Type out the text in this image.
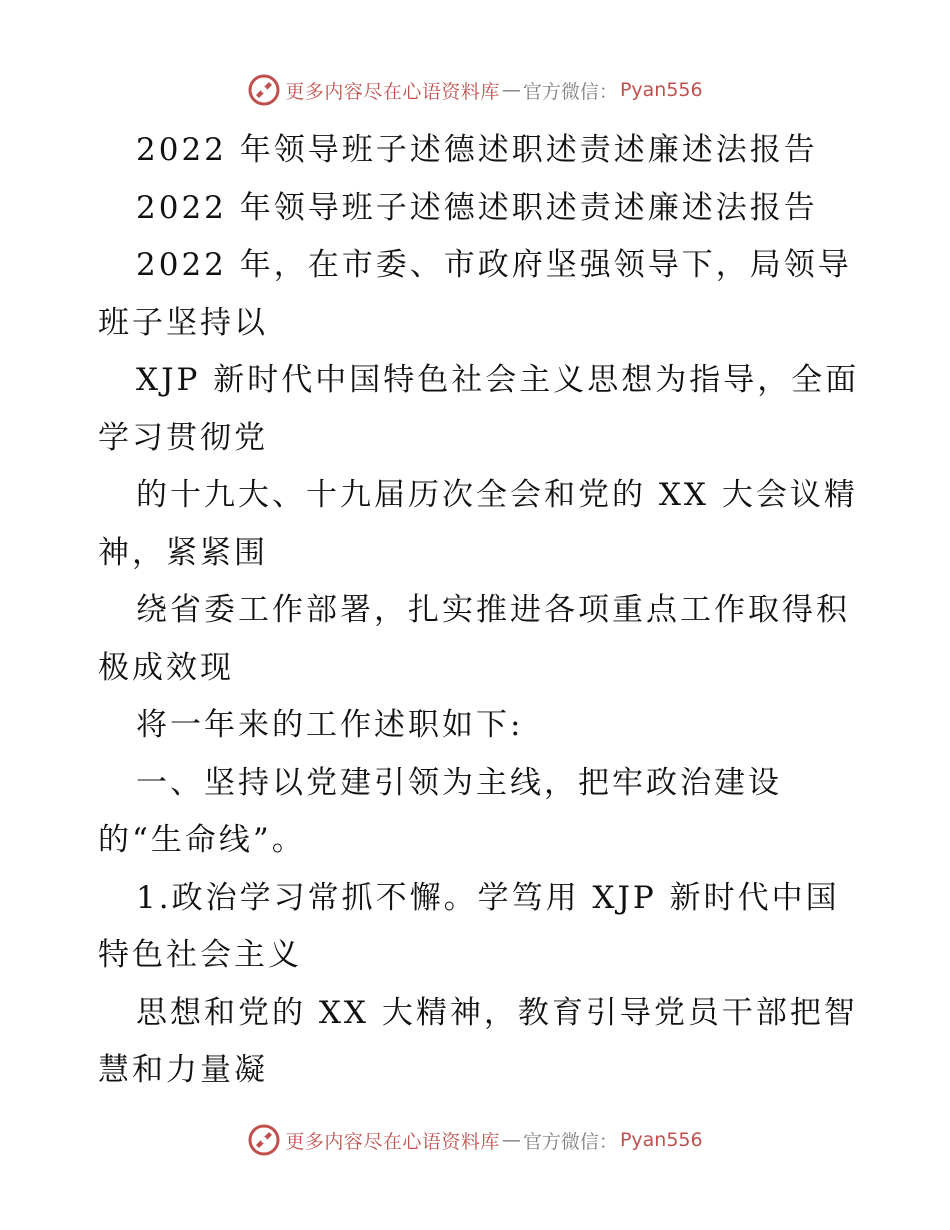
更多内容尽在心语资料库 — 官方微信： Pyan556
2022 年领导班子述德述职述责述廉述法报告
2022 年领导班子述德述职述责述廉述法报告
2022 年，在市委、市政府坚强领导下，局领导
班子坚持以
XJP 新时代中国特色社会主义思想为指导，全面
学习贯彻党
的十九大、十九届历次全会和党的 XX 大会议精
神，紧紧围
绕省委工作部署，扎实推进各项重点工作取得积
极成效现
将一年来的工作述职如下:
一、坚持以党建引领为主线，把牢政治建设
的“生命线”。
1.政治学习常抓不懈。学笃用 XJP 新时代中国
特色社会主义
思想和党的 XX 大精神，教育引导党员干部把智
慧和力量凝
更多内容尽在心语资料库 — 官方微信： Pyan556
